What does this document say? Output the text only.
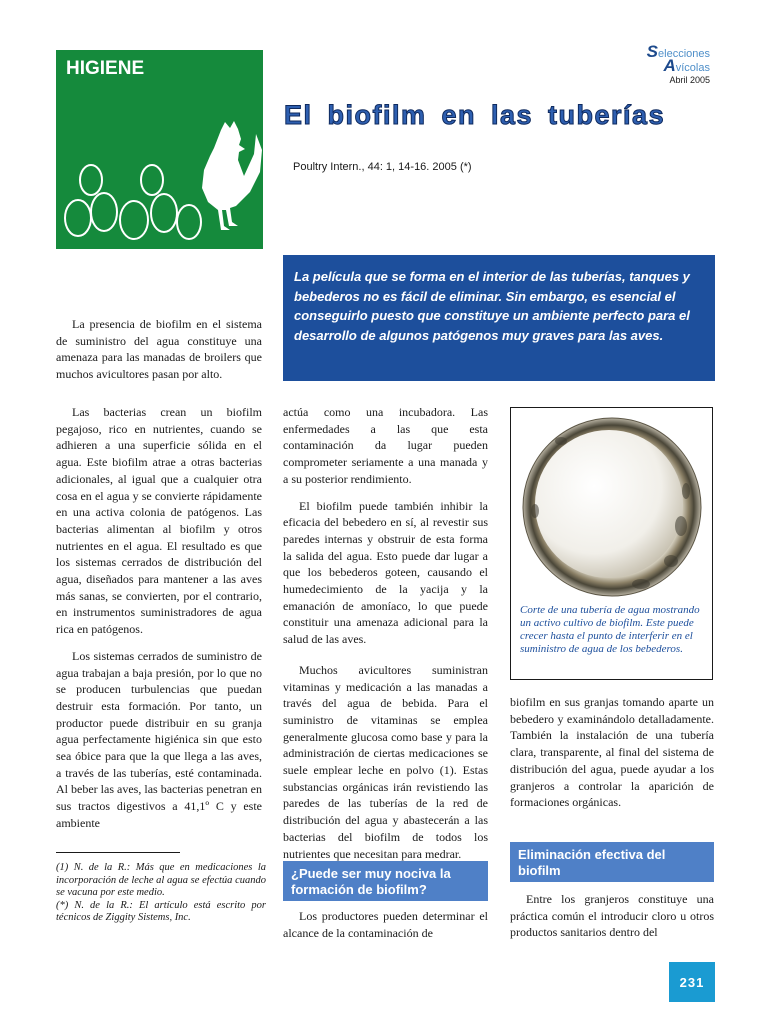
HIGIENE
Selecciones
Avícolas
Abril 2005
El biofilm en las tuberías
Poultry Intern., 44: 1, 14-16. 2005 (*)
La película que se forma en el interior de las tuberías, tanques y bebederos no es fácil de eliminar. Sin embargo, es esencial el conseguirlo puesto que constituye un ambiente perfecto para el desarrollo de algunos patógenos muy graves para las aves.

La presencia de biofilm en el sistema de suministro del agua constituye una amenaza para las manadas de broilers que muchos avicultores pasan por alto.

Las bacterias crean un biofilm pegajoso, rico en nutrientes, cuando se adhieren a una superficie sólida en el agua. Este biofilm atrae a otras bacterias adicionales, al igual que a cualquier otra cosa en el agua y se convierte rápidamente en una activa colonia de patógenos. Las bacterias alimentan al biofilm y otros nutrientes en el agua. El resultado es que los sistemas cerrados de distribución del agua, diseñados para mantener a las aves más sanas, se convierten, por el contrario, en instrumentos suministradores de agua rica en patógenos.

Los sistemas cerrados de suministro de agua trabajan a baja presión, por lo que no se producen turbulencias que puedan destruir esta formación. Por tanto, un productor puede distribuir en su granja agua perfectamente higiénica sin que esto sea óbice para que la que llega a las aves, a través de las tuberías, esté contaminada. Al beber las aves, las bacterias penetran en sus tractos digestivos a 41,1º C y este ambiente

actúa como una incubadora. Las enfermedades a las que esta contaminación da lugar pueden comprometer seriamente a una manada y a su posterior rendimiento.

El biofilm puede también inhibir la eficacia del bebedero en sí, al revestir sus paredes internas y obstruir de esta forma la salida del agua. Esto puede dar lugar a que los bebederos goteen, causando el humedecimiento de la yacija y la emanación de amoníaco, lo que puede constituir una amenaza adicional para la salud de las aves.

Muchos avicultores suministran vitaminas y medicación a las manadas a través del agua de bebida. Para el suministro de vitaminas se emplea generalmente glucosa como base y para la administración de ciertas medicaciones se suele emplear leche en polvo (1). Estas substancias orgánicas irán revistiendo las paredes de las tuberías de la red de distribución del agua y abastecerán a las bacterias del biofilm de todos los nutrientes que necesitan para medrar.

¿Puede ser muy nociva la formación de biofilm?

Los productores pueden determinar el alcance de la contaminación de

Corte de una tubería de agua mostrando un activo cultivo de biofilm. Este puede crecer hasta el punto de interferir en el suministro de agua de los bebederos.

biofilm en sus granjas tomando aparte un bebedero y examinándolo detalladamente. También la instalación de una tubería clara, transparente, al final del sistema de distribución del agua, puede ayudar a los granjeros a controlar la aparición de formaciones orgánicas.

Eliminación efectiva del biofilm

Entre los granjeros constituye una práctica común el introducir cloro u otros productos sanitarios dentro del

(1) N. de la R.: Más que en medicaciones la incorporación de leche al agua se efectúa cuando se vacuna por este medio.
(*) N. de la R.: El artículo está escrito por técnicos de Ziggity Sistems, Inc.
231
